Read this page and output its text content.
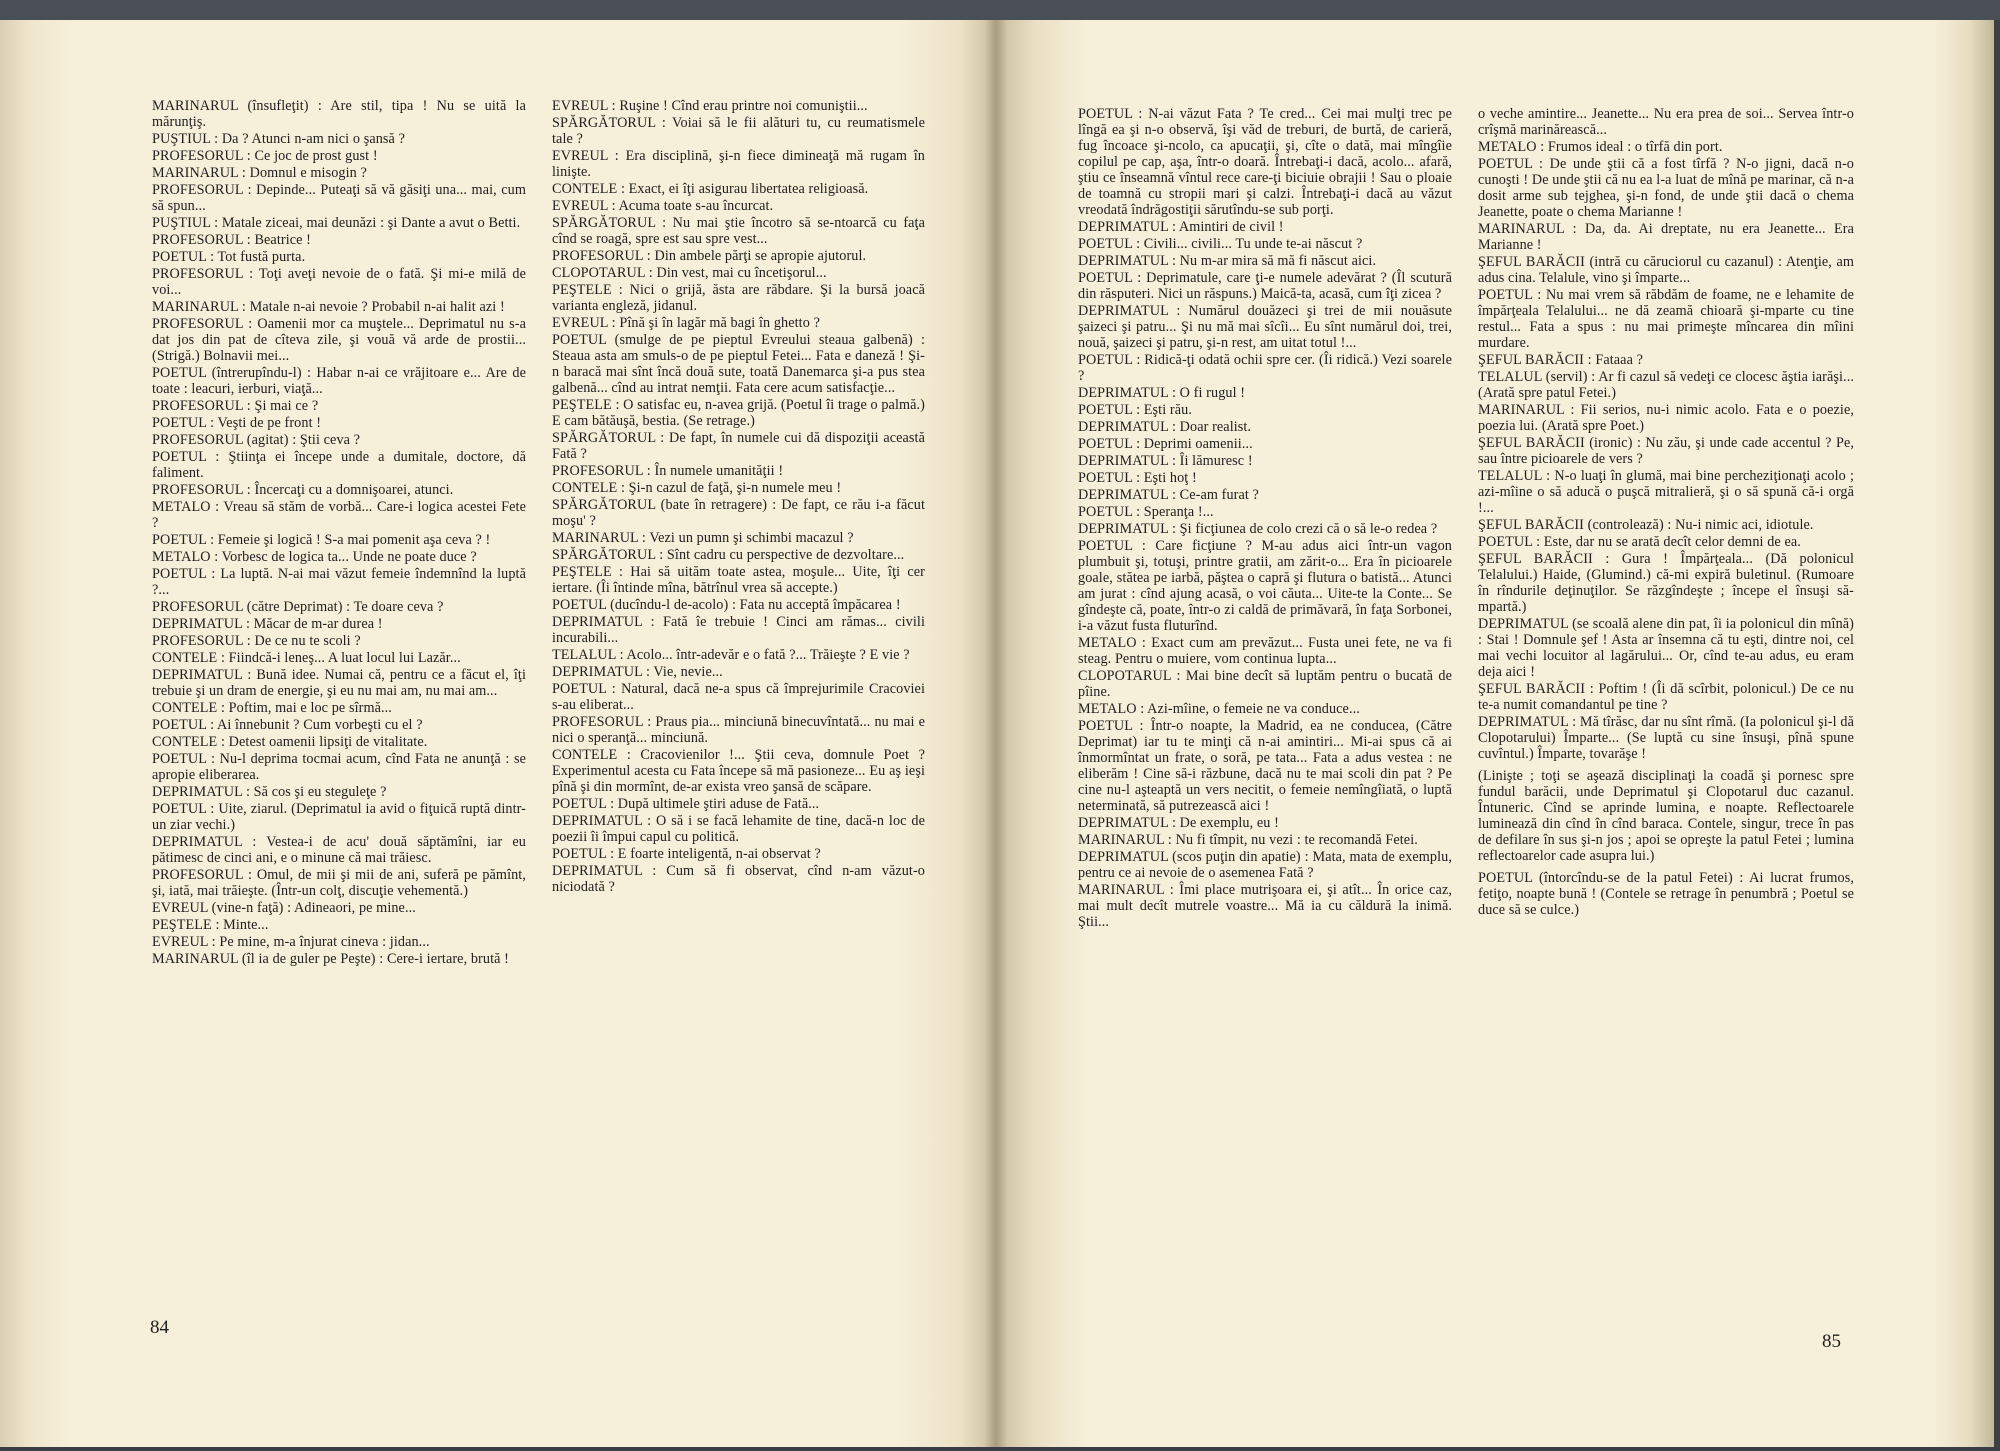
MARINARUL (însufleţit) : Are stil, tipa ! Nu se uită la mărunţiş.

PUŞTIUL : Da ? Atunci n-am nici o şansă ?

PROFESORUL : Ce joc de prost gust !

MARINARUL : Domnul e misogin ?

PROFESORUL : Depinde... Puteaţi să vă găsiţi una... mai, cum să spun...

PUŞTIUL : Matale ziceai, mai deunăzi : şi Dante a avut o Betti.

PROFESORUL : Beatrice !

POETUL : Tot fustă purta.

PROFESORUL : Toţi aveţi nevoie de o fată. Şi mi-e milă de voi...

MARINARUL : Matale n-ai nevoie ? Probabil n-ai halit azi !

PROFESORUL : Oamenii mor ca muştele... Deprimatul nu s-a dat jos din pat de cîteva zile, şi vouă vă arde de prostii... (Strigă.) Bolnavii mei...

POETUL (întrerupîndu-l) : Habar n-ai ce vrăjitoare e... Are de toate : leacuri, ierburi, viaţă...

PROFESORUL : Şi mai ce ?

POETUL : Veşti de pe front !

PROFESORUL (agitat) : Ştii ceva ?

POETUL : Ştiinţa ei începe unde a dumitale, doctore, dă faliment.

PROFESORUL : Încercaţi cu a domnişoarei, atunci.

METALO : Vreau să stăm de vorbă... Care-i logica acestei Fete ?

POETUL : Femeie şi logică ! S-a mai pomenit aşa ceva ? !

METALO : Vorbesc de logica ta... Unde ne poate duce ?

POETUL : La luptă. N-ai mai văzut femeie îndemnînd la luptă ?...

PROFESORUL (către Deprimat) : Te doare ceva ?

DEPRIMATUL : Măcar de m-ar durea !

PROFESORUL : De ce nu te scoli ?

CONTELE : Fiindcă-i leneş... A luat locul lui Lazăr...

DEPRIMATUL : Bună idee. Numai că, pentru ce a făcut el, îţi trebuie şi un dram de energie, şi eu nu mai am, nu mai am...

CONTELE : Poftim, mai e loc pe sîrmă...

POETUL : Ai înnebunit ? Cum vorbeşti cu el ?

CONTELE : Detest oamenii lipsiţi de vitalitate.

POETUL : Nu-l deprima tocmai acum, cînd Fata ne anunţă : se apropie eliberarea.

DEPRIMATUL : Să cos şi eu steguleţe ?

POETUL : Uite, ziarul. (Deprimatul ia avid o fiţuică ruptă dintr-un ziar vechi.)

DEPRIMATUL : Vestea-i de acu' două săptămîni, iar eu pătimesc de cinci ani, e o minune că mai trăiesc.

PROFESORUL : Omul, de mii şi mii de ani, suferă pe pămînt, şi, iată, mai trăieşte. (Într-un colţ, discuţie vehementă.)

EVREUL (vine-n faţă) : Adineaori, pe mine...

PEŞTELE : Minte...

EVREUL : Pe mine, m-a înjurat cineva : jidan...

MARINARUL (îl ia de guler pe Peşte) : Cere-i iertare, brută !

EVREUL : Ruşine ! Cînd erau printre noi comuniştii...

SPĂRGĂTORUL : Voiai să le fii alături tu, cu reumatismele tale ?

EVREUL : Era disciplină, şi-n fiece dimineaţă mă rugam în linişte.

CONTELE : Exact, ei îţi asigurau libertatea religioasă.

EVREUL : Acuma toate s-au încurcat.

SPĂRGĂTORUL : Nu mai ştie încotro să se-ntoarcă cu faţa cînd se roagă, spre est sau spre vest...

PROFESORUL : Din ambele părţi se apropie ajutorul.

CLOPOTARUL : Din vest, mai cu încetişorul...

PEŞTELE : Nici o grijă, ăsta are răbdare. Şi la bursă joacă varianta engleză, jidanul.

EVREUL : Pînă şi în lagăr mă bagi în ghetto ?

POETUL (smulge de pe pieptul Evreului steaua galbenă) : Steaua asta am smuls-o de pe pieptul Fetei... Fata e daneză ! Şi-n baracă mai sînt încă două sute, toată Danemarca şi-a pus stea galbenă... cînd au intrat nemţii. Fata cere acum satisfacţie...

PEŞTELE : O satisfac eu, n-avea grijă. (Poetul îi trage o palmă.) E cam bătăuşă, bestia. (Se retrage.)

SPĂRGĂTORUL : De fapt, în numele cui dă dispoziţii această Fată ?

PROFESORUL : În numele umanităţii !

CONTELE : Şi-n cazul de faţă, şi-n numele meu !

SPĂRGĂTORUL (bate în retragere) : De fapt, ce rău i-a făcut moşu' ?

MARINARUL : Vezi un pumn şi schimbi macazul ?

SPĂRGĂTORUL : Sînt cadru cu perspective de dezvoltare...

PEŞTELE : Hai să uităm toate astea, moşule... Uite, îţi cer iertare. (Îi întinde mîna, bătrînul vrea să accepte.)

POETUL (ducîndu-l de-acolo) : Fata nu acceptă împăcarea !

DEPRIMATUL : Fată îe trebuie ! Cinci am rămas... civili incurabili...

TELALUL : Acolo... într-adevăr e o fată ?... Trăieşte ? E vie ?

DEPRIMATUL : Vie, nevie...

POETUL : Natural, dacă ne-a spus că împrejurimile Cracoviei s-au eliberat...

PROFESORUL : Praus pia... minciună binecuvîntată... nu mai e nici o speranţă... minciună.

CONTELE : Cracovienilor !... Ştii ceva, domnule Poet ? Experimentul acesta cu Fata începe să mă pasioneze... Eu aş ieşi pînă şi din mormînt, de-ar exista vreo şansă de scăpare.

POETUL : După ultimele ştiri aduse de Fată...

DEPRIMATUL : O să i se facă lehamite de tine, dacă-n loc de poezii îi împui capul cu politică.

POETUL : E foarte inteligentă, n-ai observat ?

DEPRIMATUL : Cum să fi observat, cînd n-am văzut-o niciodată ?

POETUL : N-ai văzut Fata ? Te cred... Cei mai mulţi trec pe lîngă ea şi n-o observă, îşi văd de treburi, de burtă, de carieră, fug încoace şi-ncolo, ca apucaţii, şi, cîte o dată, mai mîngîie copilul pe cap, aşa, într-o doară. Întrebaţi-i dacă, acolo... afară, ştiu ce înseamnă vîntul rece care-ţi biciuie obrajii ! Sau o ploaie de toamnă cu stropii mari şi calzi. Întrebaţi-i dacă au văzut vreodată îndrăgostiţii sărutîndu-se sub porţi.

DEPRIMATUL : Amintiri de civil !

POETUL : Civili... civili... Tu unde te-ai născut ?

DEPRIMATUL : Nu m-ar mira să mă fi născut aici.

POETUL : Deprimatule, care ţi-e numele adevărat ? (Îl scutură din răsputeri. Nici un răspuns.) Maică-ta, acasă, cum îţi zicea ?

DEPRIMATUL : Numărul douăzeci şi trei de mii nouăsute şaizeci şi patru... Şi nu mă mai sîcîi... Eu sînt numărul doi, trei, nouă, şaizeci şi patru, şi-n rest, am uitat totul !...

POETUL : Ridică-ţi odată ochii spre cer. (Îi ridică.) Vezi soarele ?

DEPRIMATUL : O fi rugul !

POETUL : Eşti rău.

DEPRIMATUL : Doar realist.

POETUL : Deprimi oamenii...

DEPRIMATUL : Îi lămuresc !

POETUL : Eşti hoţ !

DEPRIMATUL : Ce-am furat ?

POETUL : Speranţa !...

DEPRIMATUL : Şi ficţiunea de colo crezi că o să le-o redea ?

POETUL : Care ficţiune ? M-au adus aici într-un vagon plumbuit şi, totuşi, printre gratii, am zărit-o... Era în picioarele goale, stătea pe iarbă, păştea o capră şi flutura o batistă... Atunci am jurat : cînd ajung acasă, o voi căuta... Uite-te la Conte... Se gîndeşte că, poate, într-o zi caldă de primăvară, în faţa Sorbonei, i-a văzut fusta fluturînd.

METALO : Exact cum am prevăzut... Fusta unei fete, ne va fi steag. Pentru o muiere, vom continua lupta...

CLOPOTARUL : Mai bine decît să luptăm pentru o bucată de pîine.

METALO : Azi-mîine, o femeie ne va conduce...

POETUL : Într-o noapte, la Madrid, ea ne conducea, (Către Deprimat) iar tu te minţi că n-ai amintiri... Mi-ai spus că ai înmormîntat un frate, o soră, pe tata... Fata a adus vestea : ne eliberăm ! Cine să-i răzbune, dacă nu te mai scoli din pat ? Pe cine nu-l aşteaptă un vers necitit, o femeie nemîngîiată, o luptă neterminată, să putrezească aici !

DEPRIMATUL : De exemplu, eu !

MARINARUL : Nu fi tîmpit, nu vezi : te recomandă Fetei.

DEPRIMATUL (scos puţin din apatie) : Mata, mata de exemplu, pentru ce ai nevoie de o asemenea Fată ?

MARINARUL : Îmi place mutrişoara ei, şi atît... În orice caz, mai mult decît mutrele voastre... Mă ia cu căldură la inimă. Ştii...

o veche amintire... Jeanette... Nu era prea de soi... Servea într-o crîşmă marinărească...

METALO : Frumos ideal : o tîrfă din port.

POETUL : De unde ştii că a fost tîrfă ? N-o jigni, dacă n-o cunoşti ! De unde ştii că nu ea l-a luat de mînă pe marinar, că n-a dosit arme sub tejghea, şi-n fond, de unde ştii dacă o chema Jeanette, poate o chema Marianne !

MARINARUL : Da, da. Ai dreptate, nu era Jeanette... Era Marianne !

ŞEFUL BARĂCII (intră cu căruciorul cu cazanul) : Atenţie, am adus cina. Telalule, vino şi împarte...

POETUL : Nu mai vrem să răbdăm de foame, ne e lehamite de împărţeala Telalului... ne dă zeamă chioară şi-mparte cu tine restul... Fata a spus : nu mai primeşte mîncarea din mîini murdare.

ŞEFUL BARĂCII : Fataaa ?

TELALUL (servil) : Ar fi cazul să vedeţi ce clocesc ăştia iarăşi... (Arată spre patul Fetei.)

MARINARUL : Fii serios, nu-i nimic acolo. Fata e o poezie, poezia lui. (Arată spre Poet.)

ŞEFUL BARĂCII (ironic) : Nu zău, şi unde cade accentul ? Pe, sau între picioarele de vers ?

TELALUL : N-o luaţi în glumă, mai bine percheziţionaţi acolo ; azi-mîine o să aducă o puşcă mitralieră, şi o să spună că-i orgă !...

ŞEFUL BARĂCII (controlează) : Nu-i nimic aci, idiotule.

POETUL : Este, dar nu se arată decît celor demni de ea.

ŞEFUL BARĂCII : Gura ! Împărţeala... (Dă polonicul Telalului.) Haide, (Glumind.) că-mi expiră buletinul. (Rumoare în rîndurile deţinuţilor. Se răzgîndeşte ; începe el însuşi să-mpartă.)

DEPRIMATUL (se scoală alene din pat, îi ia polonicul din mînă) : Stai ! Domnule şef ! Asta ar însemna că tu eşti, dintre noi, cel mai vechi locuitor al lagărului... Or, cînd te-au adus, eu eram deja aici !

ŞEFUL BARĂCII : Poftim ! (Îi dă scîrbit, polonicul.) De ce nu te-a numit comandantul pe tine ?

DEPRIMATUL : Mă tîrăsc, dar nu sînt rîmă. (Ia polonicul şi-l dă Clopotarului) Împarte... (Se luptă cu sine însuşi, pînă spune cuvîntul.) Împarte, tovarăşe !

(Linişte ; toţi se aşează disciplinaţi la coadă şi pornesc spre fundul barăcii, unde Deprimatul şi Clopotarul duc cazanul. Întuneric. Cînd se aprinde lumina, e noapte. Reflectoarele luminează din cînd în cînd baraca. Contele, singur, trece în pas de defilare în sus şi-n jos ; apoi se opreşte la patul Fetei ; lumina reflectoarelor cade asupra lui.)

POETUL (întorcîndu-se de la patul Fetei) : Ai lucrat frumos, fetiţo, noapte bună ! (Contele se retrage în penumbră ; Poetul se duce să se culce.)

84
85
